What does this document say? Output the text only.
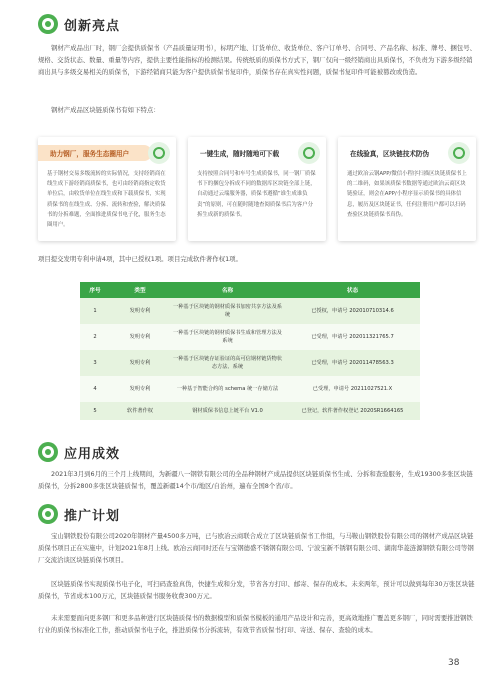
创新亮点

钢材产成品出厂时，钢厂会提供质保书（产品质量证明书），标明产地、订货单位、收货单位、客户订单号、合同号、产品名称、标准、牌号、捆包号、规格、交货状态、数量、重量等内容，提供主要性能指标的检测结果。传统纸质的质保书方式下，钢厂仅向一级经销商出具质保书，不负责为下游多级经销商出具与多级交易相关的质保书，下游经销商只能为客户提供质保书复印件，质保书存在真实性问题，质保书复印件可能被篡改或伪造。

钢材产成品区块链质保书有如下特点：

助力钢厂，服务生态圈用户

基于钢材交易多级流转的实际情况，支持经销商在线生成下游经销商质保书，也可由经销商指定收货单位后，由收货单位在线生成和下载质保书，实现质保书的在线生成、分拆、流转和查验，解决质保书的分拆难题，全面推进质保书电子化，服务生态圈用户。

一键生成，随时随地可下载

支持按照合同号和车号生成质保书，同一钢厂质保书下的捆包分拆成不同的数据库区块链全部上链，自动通过云端服务器，质保书遵循“谁生成谁负责”的原则，可在随时随地查阅质保书后为客户分拆生成新的质保书。

在线验真，区块链技术防伪

通过欧冶云钢APP/微信小程序扫描区块链质保书上的二维码，如果该质保书数据等通过欧冶云商区块链验证，则会在APP/小程序显示质保书的具体信息，履历及区块链证书，任何注册用户都可以扫码查验区块链质保书真伪。

项目提交发明专利申请4项，其中已授权1项。项目完成软件著作权1项。

序号	类型	名称	状态
1	发明专利	一种基于区块链的钢材质保书加密共享方法及系统	已授权，申请号 202010710314.6
2	发明专利	一种基于区块链的钢材质保书生成和管理方法及系统	已受理，申请号 202011321765.7
3	发明专利	一种基于区块链存证验证的高可信钢材链货物状态方法、系统	已受理，申请号 202011478563.3
4	发明专利	一种基于智能合约的 schema 统一存储方法	已受理，申请号 20211027521.X
5	软件著作权	钢材质保书信息上链平台 V1.0	已登记，软件著作权登记 2020SR1664165
应用成效

2021年3月到6月的三个月上线期间，为新疆八一钢铁有限公司的全品种钢材产成品提供区块链质保书生成、分拆和查验服务，生成19300多张区块链质保书，分拆2800多张区块链质保书，覆盖新疆14个市/地区/自治州，遍布全国8个省/市。

推广计划

宝山钢铁股份有限公司2020年钢材产量4500多万吨，已与欧冶云商联合成立了区块链质保书工作组，与马鞍山钢铁股份有限公司的钢材产成品区块链质保书项目正在实施中，计划2021年8月上线。欧冶云商同时还在与宝钢德盛不锈钢有限公司、宁波宝新不锈钢有限公司、湖南华菱涟源钢铁有限公司等钢厂交流洽谈区块链质保书项目。

区块链质保书实现质保书电子化，可扫码查验真伪，快捷生成和分发，节省各方打印、邮寄、保存的成本。未来两年，预计可以做到每年30万张区块链质保书，节省成本100万元，区块链质保书服务收费300万元。

未来需要面向更多钢厂和更多品种进行区块链质保书的数据模型和质保书模板的通用产品设计和完善，更高效地推广覆盖更多钢厂，同时需要推进钢铁行业的质保书标准化工作，推动质保书电子化，推进质保书分拆流转，有效节省质保书打印、寄送、保存、查验的成本。

38
